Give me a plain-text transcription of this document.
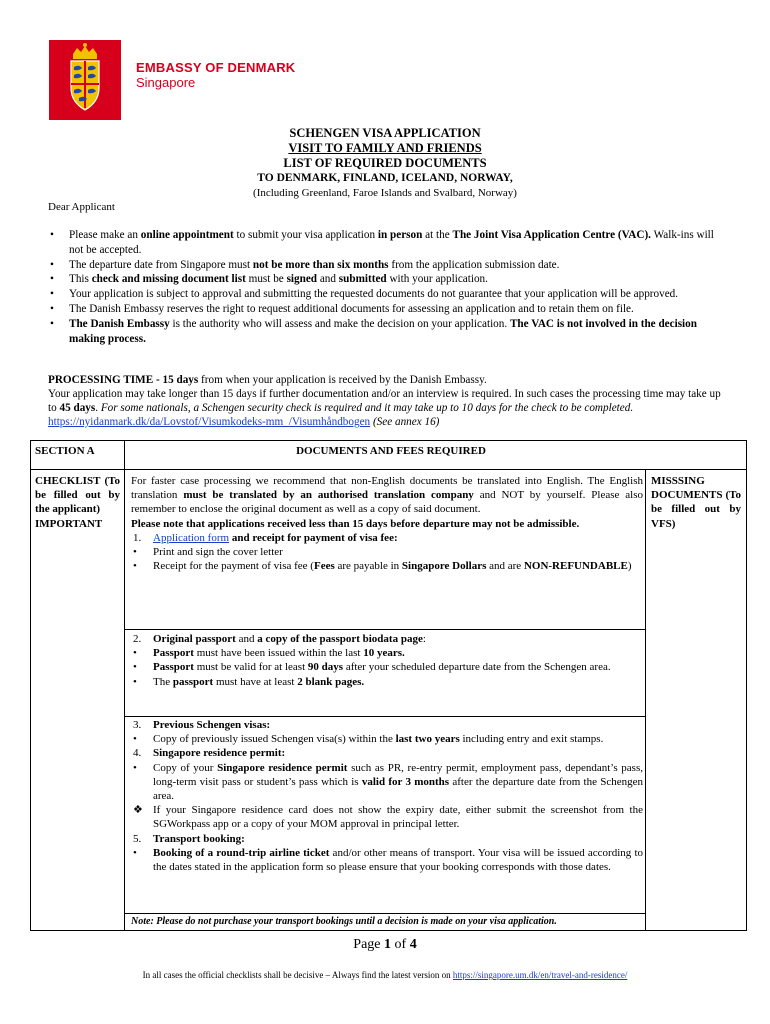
EMBASSY OF DENMARK
Singapore
SCHENGEN VISA APPLICATION
VISIT TO FAMILY AND FRIENDS
LIST OF REQUIRED DOCUMENTS
TO DENMARK, FINLAND, ICELAND, NORWAY,
(Including Greenland, Faroe Islands and Svalbard, Norway)
Dear Applicant
• Please make an online appointment to submit your visa application in person at the The Joint Visa Application Centre (VAC). Walk-ins will not be accepted.
• The departure date from Singapore must not be more than six months from the application submission date.
• This check and missing document list must be signed and submitted with your application.
• Your application is subject to approval and submitting the requested documents do not guarantee that your application will be approved.
• The Danish Embassy reserves the right to request additional documents for assessing an application and to retain them on file.
• The Danish Embassy is the authority who will assess and make the decision on your application. The VAC is not involved in the decision making process.
PROCESSING TIME - 15 days from when your application is received by the Danish Embassy.
Your application may take longer than 15 days if further documentation and/or an interview is required. In such cases the processing time may take up to 45 days. For some nationals, a Schengen security check is required and it may take up to 10 days for the check to be completed. https://nyidanmark.dk/da/Lovstof/Visumkodeks-mm_/Visumhåndbogen (See annex 16)
SECTION A	DOCUMENTS AND FEES REQUIRED
CHECKLIST (To be filled out by the applicant)
IMPORTANT
MISSSING DOCUMENTS (To be filled out by VFS)
For faster case processing we recommend that non-English documents be translated into English. The English translation must be translated by an authorised translation company and NOT by yourself. Please also remember to enclose the original document as well as a copy of said document.
Please note that applications received less than 15 days before departure may not be admissible.
1. Application form and receipt for payment of visa fee:
• Print and sign the cover letter
• Receipt for the payment of visa fee (Fees are payable in Singapore Dollars and are NON-REFUNDABLE)
2. Original passport and a copy of the passport biodata page:
• Passport must have been issued within the last 10 years.
• Passport must be valid for at least 90 days after your scheduled departure date from the Schengen area.
• The passport must have at least 2 blank pages.
3. Previous Schengen visas:
• Copy of previously issued Schengen visa(s) within the last two years including entry and exit stamps.
4. Singapore residence permit:
• Copy of your Singapore residence permit such as PR, re-entry permit, employment pass, dependant’s pass, long-term visit pass or student’s pass which is valid for 3 months after the departure date from the Schengen area.
❖ If your Singapore residence card does not show the expiry date, either submit the screenshot from the SGWorkpass app or a copy of your MOM approval in principal letter.
5. Transport booking:
• Booking of a round-trip airline ticket and/or other means of transport. Your visa will be issued according to the dates stated in the application form so please ensure that your booking corresponds with those dates.
Note: Please do not purchase your transport bookings until a decision is made on your visa application.
Page 1 of 4
In all cases the official checklists shall be decisive – Always find the latest version on https://singapore.um.dk/en/travel-and-residence/
